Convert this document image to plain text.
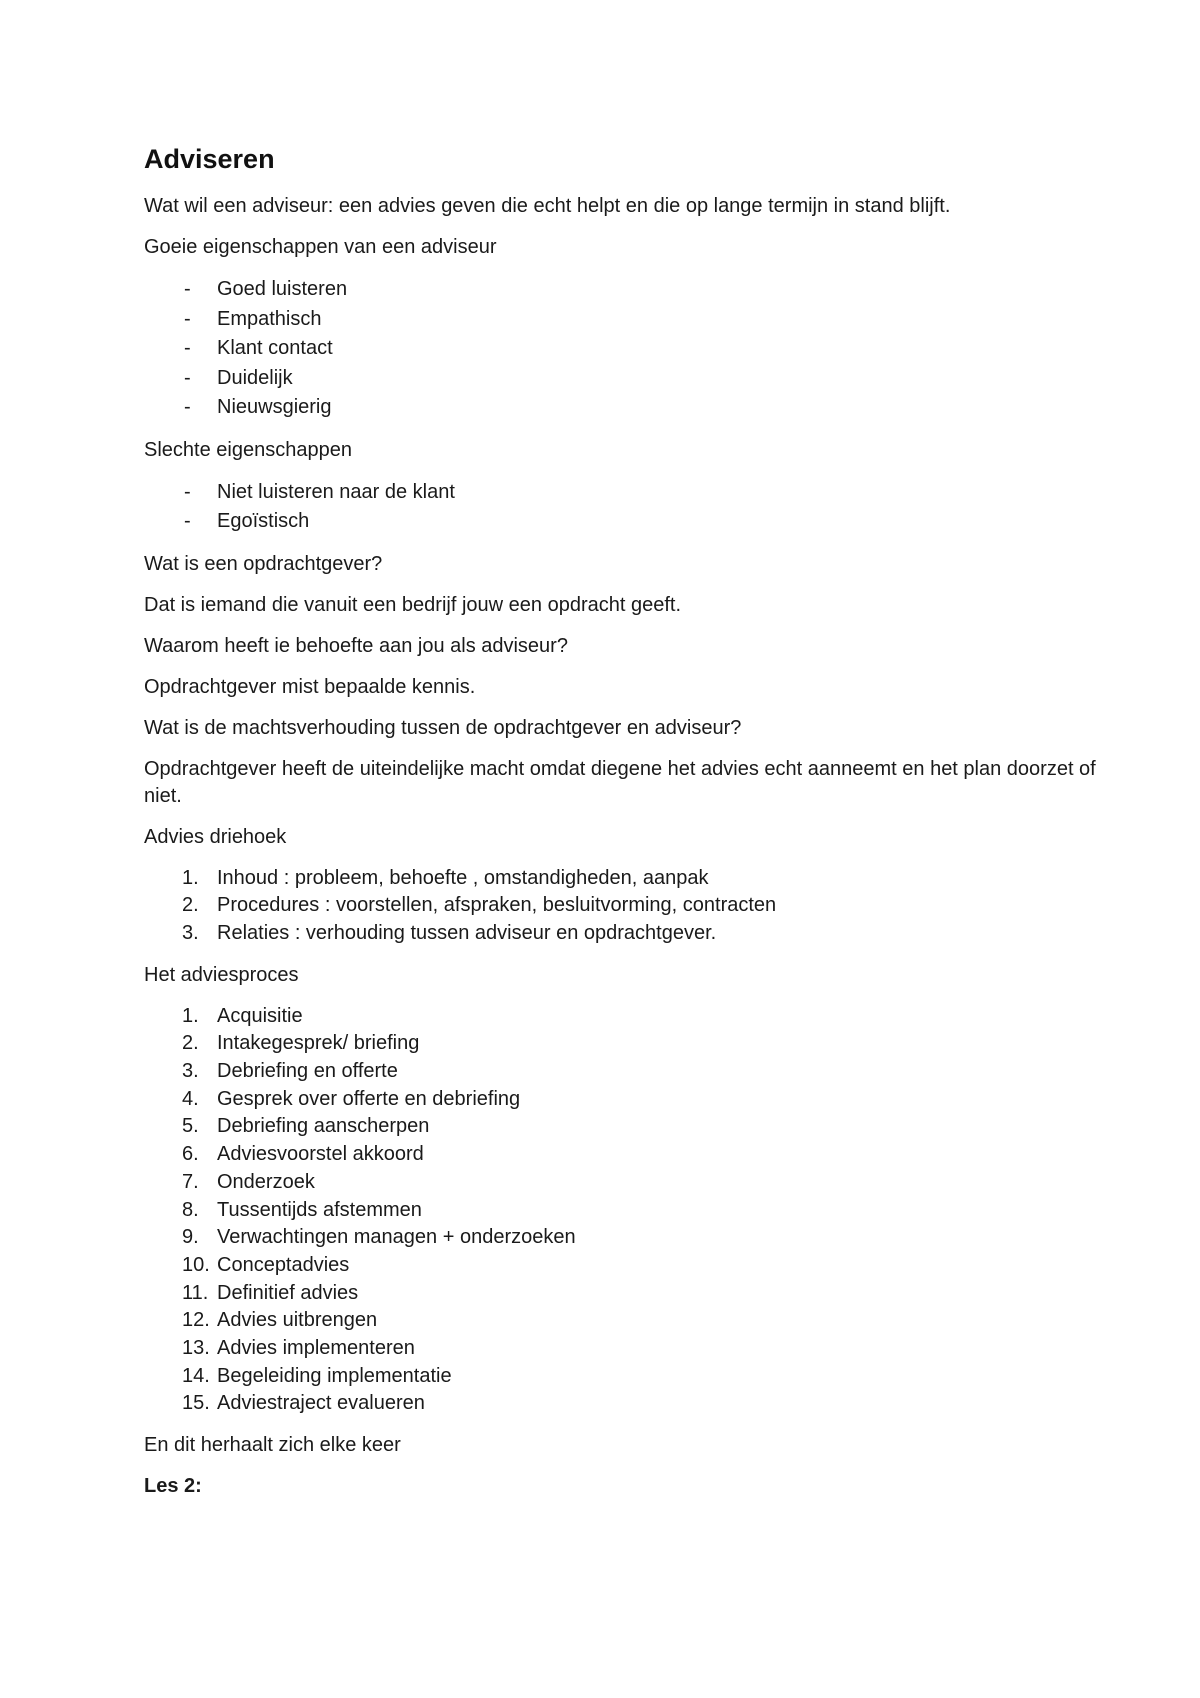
Adviseren

Wat wil een adviseur: een advies geven die echt helpt en die op lange termijn in stand blijft.

Goeie eigenschappen van een adviseur

- Goed luisteren
- Empathisch
- Klant contact
- Duidelijk
- Nieuwsgierig

Slechte eigenschappen

- Niet luisteren naar de klant
- Egoïstisch

Wat is een opdrachtgever?

Dat is iemand die vanuit een bedrijf jouw een opdracht geeft.

Waarom heeft ie behoefte aan jou als adviseur?

Opdrachtgever mist bepaalde kennis.

Wat is de machtsverhouding tussen de opdrachtgever en adviseur?

Opdrachtgever heeft de uiteindelijke macht omdat diegene het advies echt aanneemt en het plan doorzet of niet.

Advies driehoek

1. Inhoud : probleem, behoefte , omstandigheden, aanpak
2. Procedures : voorstellen, afspraken, besluitvorming, contracten
3. Relaties : verhouding tussen adviseur en opdrachtgever.

Het adviesproces

1. Acquisitie
2. Intakegesprek/ briefing
3. Debriefing en offerte
4. Gesprek over offerte en debriefing
5. Debriefing aanscherpen
6. Adviesvoorstel akkoord
7. Onderzoek
8. Tussentijds afstemmen
9. Verwachtingen managen + onderzoeken
10. Conceptadvies
11. Definitief advies
12. Advies uitbrengen
13. Advies implementeren
14. Begeleiding implementatie
15. Adviestraject evalueren

En dit herhaalt zich elke keer

Les 2:
